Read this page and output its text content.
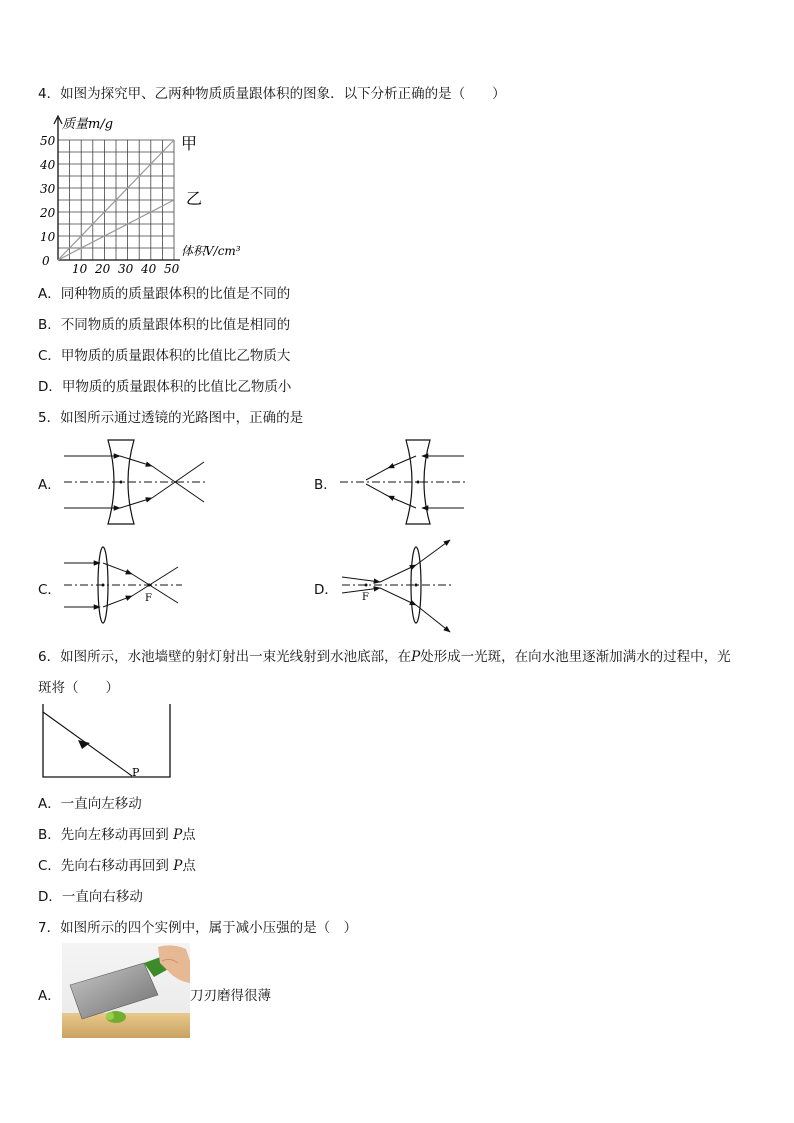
4．如图为探究甲、乙两种物质质量跟体积的图象．以下分析正确的是（　　）
质量m/g
0
10
20
30
40
50
10 20 30 40 50
体积V/cm³
甲
乙
A．同种物质的质量跟体积的比值是不同的
B．不同物质的质量跟体积的比值是相同的
C．甲物质的质量跟体积的比值比乙物质大
D．甲物质的质量跟体积的比值比乙物质小
5．如图所示通过透镜的光路图中，正确的是
A．	B．
C．	D．
F	F
6．如图所示，水池墙壁的射灯射出一束光线射到水池底部，在P处形成一光斑，在向水池里逐渐加满水的过程中，光
斑将（　　）
P
A．一直向左移动
B．先向左移动再回到 P点
C．先向右移动再回到 P点
D．一直向右移动
7．如图所示的四个实例中，属于减小压强的是（　）
A．	刀刃磨得很薄
